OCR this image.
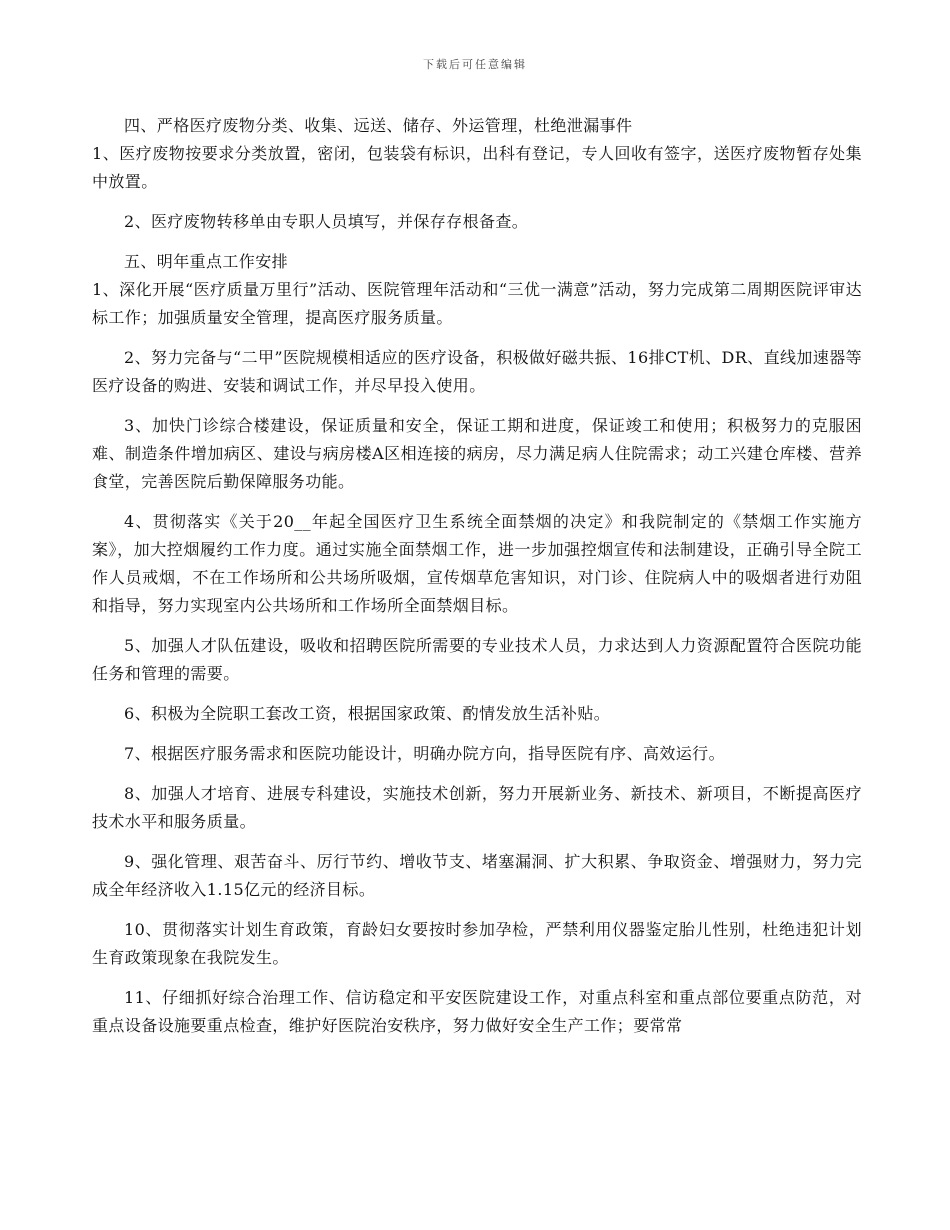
下载后可任意编辑

四、严格医疗废物分类、收集、远送、储存、外运管理，杜绝泄漏事件

1、医疗废物按要求分类放置，密闭，包装袋有标识，出科有登记，专人回收有签字，送医疗废物暂存处集中放置。

2、医疗废物转移单由专职人员填写，并保存存根备查。

五、明年重点工作安排

1、深化开展“医疗质量万里行”活动、医院管理年活动和“三优一满意”活动，努力完成第二周期医院评审达标工作；加强质量安全管理，提高医疗服务质量。

2、努力完备与“二甲”医院规模相适应的医疗设备，积极做好磁共振、16排CT机、DR、直线加速器等医疗设备的购进、安装和调试工作，并尽早投入使用。

3、加快门诊综合楼建设，保证质量和安全，保证工期和进度，保证竣工和使用；积极努力的克服困难、制造条件增加病区、建设与病房楼A区相连接的病房，尽力满足病人住院需求；动工兴建仓库楼、营养食堂，完善医院后勤保障服务功能。

4、贯彻落实《关于20__年起全国医疗卫生系统全面禁烟的决定》和我院制定的《禁烟工作实施方案》，加大控烟履约工作力度。通过实施全面禁烟工作，进一步加强控烟宣传和法制建设，正确引导全院工作人员戒烟，不在工作场所和公共场所吸烟，宣传烟草危害知识，对门诊、住院病人中的吸烟者进行劝阻和指导，努力实现室内公共场所和工作场所全面禁烟目标。

5、加强人才队伍建设，吸收和招聘医院所需要的专业技术人员，力求达到人力资源配置符合医院功能任务和管理的需要。

6、积极为全院职工套改工资，根据国家政策、酌情发放生活补贴。

7、根据医疗服务需求和医院功能设计，明确办院方向，指导医院有序、高效运行。

8、加强人才培育、进展专科建设，实施技术创新，努力开展新业务、新技术、新项目，不断提高医疗技术水平和服务质量。

9、强化管理、艰苦奋斗、厉行节约、增收节支、堵塞漏洞、扩大积累、争取资金、增强财力，努力完成全年经济收入1.15亿元的经济目标。

10、贯彻落实计划生育政策，育龄妇女要按时参加孕检，严禁利用仪器鉴定胎儿性别，杜绝违犯计划生育政策现象在我院发生。

11、仔细抓好综合治理工作、信访稳定和平安医院建设工作，对重点科室和重点部位要重点防范，对重点设备设施要重点检查，维护好医院治安秩序，努力做好安全生产工作；要常常
